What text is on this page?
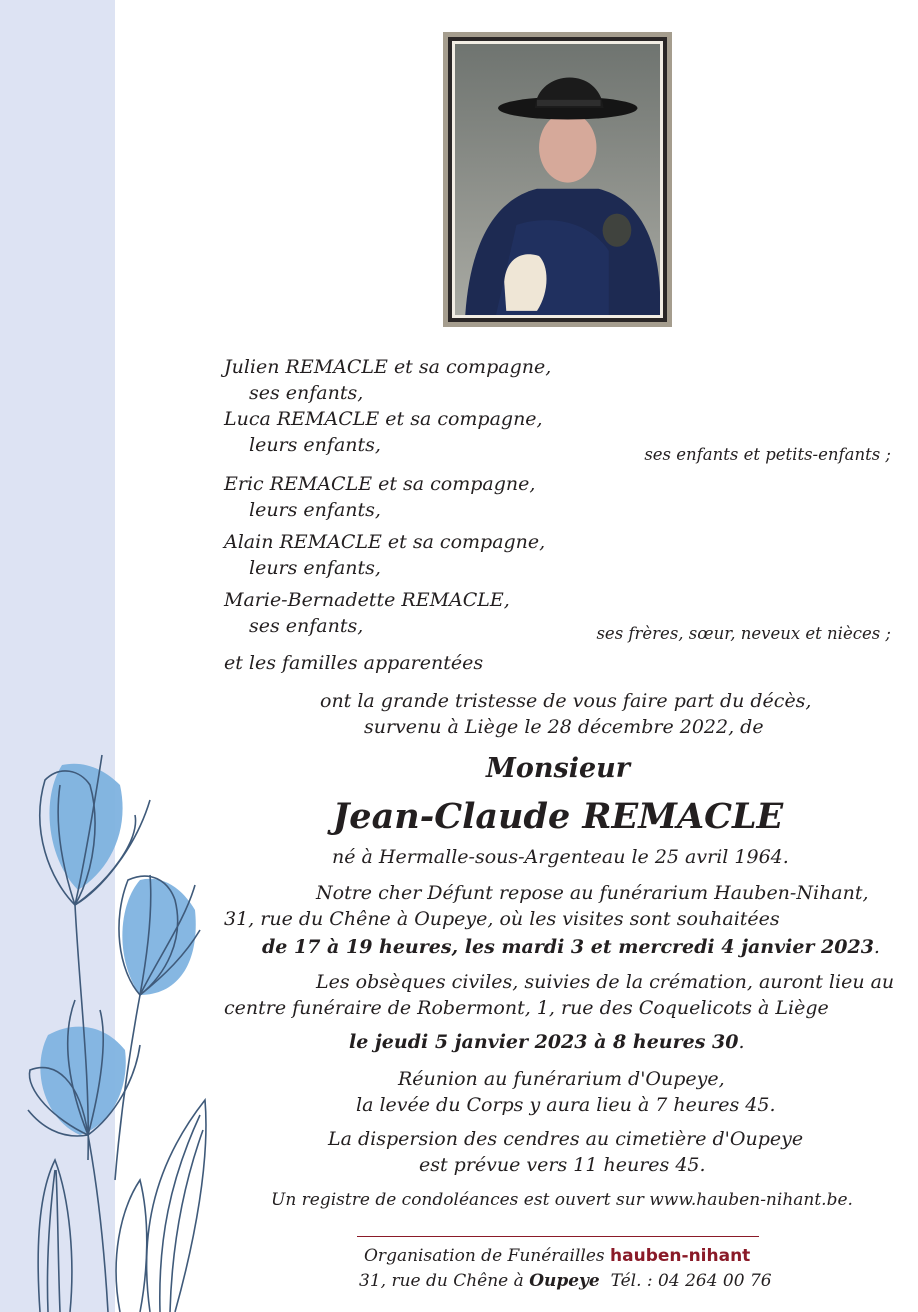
Julien REMACLE et sa compagne,
ses enfants,
Luca REMACLE et sa compagne,
leurs enfants,	ses enfants et petits-enfants ;
Eric REMACLE et sa compagne,
leurs enfants,
Alain REMACLE et sa compagne,
leurs enfants,
Marie-Bernadette REMACLE,
ses enfants,	ses frères, sœur, neveux et nièces ;
et les familles apparentées
ont la grande tristesse de vous faire part du décès,
survenu à Liège le 28 décembre 2022, de
Monsieur
Jean-Claude REMACLE
né à Hermalle-sous-Argenteau le 25 avril 1964.
Notre cher Défunt repose au funérarium Hauben-Nihant,
31, rue du Chêne à Oupeye, où les visites sont souhaitées
de 17 à 19 heures, les mardi 3 et mercredi 4 janvier 2023.
Les obsèques civiles, suivies de la crémation, auront lieu au
centre funéraire de Robermont, 1, rue des Coquelicots à Liège
le jeudi 5 janvier 2023 à 8 heures 30.
Réunion au funérarium d'Oupeye,
la levée du Corps y aura lieu à 7 heures 45.
La dispersion des cendres au cimetière d'Oupeye
est prévue vers 11 heures 45.
Un registre de condoléances est ouvert sur www.hauben-nihant.be.
Organisation de Funérailles hauben-nihant
31, rue du Chêne à Oupeye Tél. : 04 264 00 76
